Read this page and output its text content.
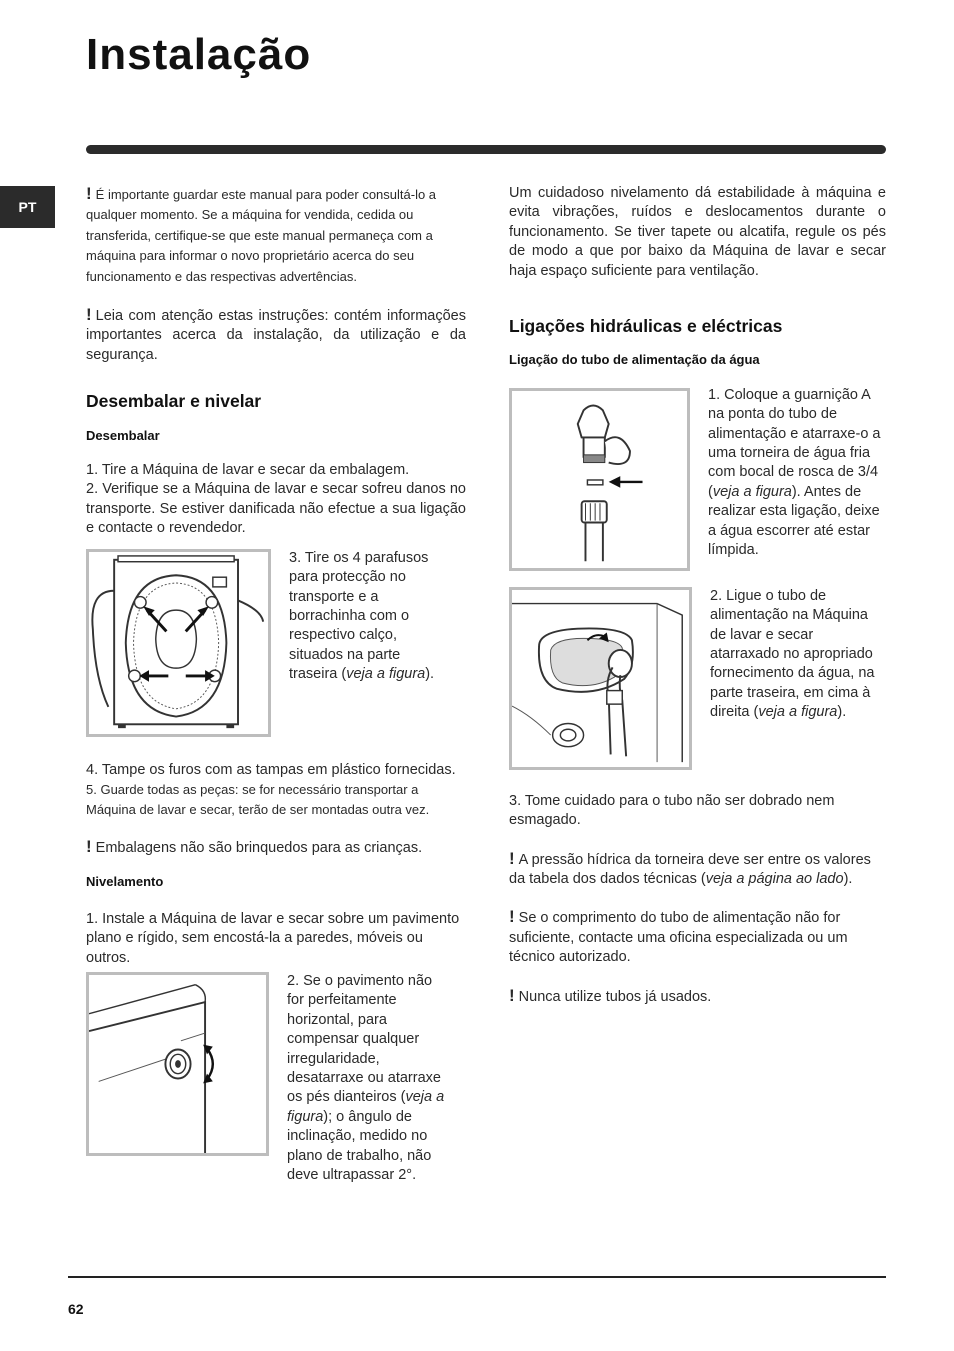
Instalação
PT

! É importante guardar este manual para poder consultá-lo a qualquer momento. Se a máquina for vendida, cedida ou transferida, certifique-se que este manual permaneça com a máquina para informar o novo proprietário acerca do seu funcionamento e das respectivas advertências.

! Leia com atenção estas instruções: contém informações importantes acerca da instalação, da utilização e da segurança.

Desembalar e nivelar

Desembalar

1. Tire a Máquina de lavar e secar da embalagem.

2. Verifique se a Máquina de lavar e secar sofreu danos no transporte. Se estiver danificada não efectue a sua ligação e contacte o revendedor.

3. Tire os 4 parafusos para protecção no transporte e a borrachinha com o respectivo calço, situados na parte traseira (veja a figura).

4. Tampe os furos com as tampas em plástico fornecidas.

5. Guarde todas as peças: se for necessário transportar a Máquina de lavar e secar, terão de ser montadas outra vez.

! Embalagens não são brinquedos para as crianças.

Nivelamento

1. Instale a Máquina de lavar e secar sobre um pavimento plano e rígido, sem encostá-la a paredes, móveis ou outros.

2. Se o pavimento não for perfeitamente horizontal, para compensar qualquer irregularidade, desatarraxe ou atarraxe os pés dianteiros (veja a figura); o ângulo de inclinação, medido no plano de trabalho, não deve ultrapassar 2°.

Um cuidadoso nivelamento dá estabilidade à máquina e evita vibrações, ruídos e deslocamentos durante o funcionamento. Se tiver tapete ou alcatifa, regule os pés de modo a que por baixo da Máquina de lavar e secar haja espaço suficiente para ventilação.

Ligações hidráulicas e eléctricas

Ligação do tubo de alimentação da água

1. Coloque a guarnição A na ponta do tubo de alimentação e atarraxe-o a uma torneira de água fria com bocal de rosca de 3/4 (veja a figura). Antes de realizar esta ligação, deixe a água escorrer até estar límpida.

2. Ligue o tubo de alimentação na Máquina de lavar e secar atarraxado no apropriado fornecimento da água, na parte traseira, em cima à direita (veja a figura).

3. Tome cuidado para o tubo não ser dobrado nem esmagado.

! A pressão hídrica da torneira deve ser entre os valores da tabela dos dados técnicas (veja a página ao lado).

! Se o comprimento do tubo de alimentação não for suficiente, contacte uma oficina especializada ou um técnico autorizado.

! Nunca utilize tubos já usados.

62
